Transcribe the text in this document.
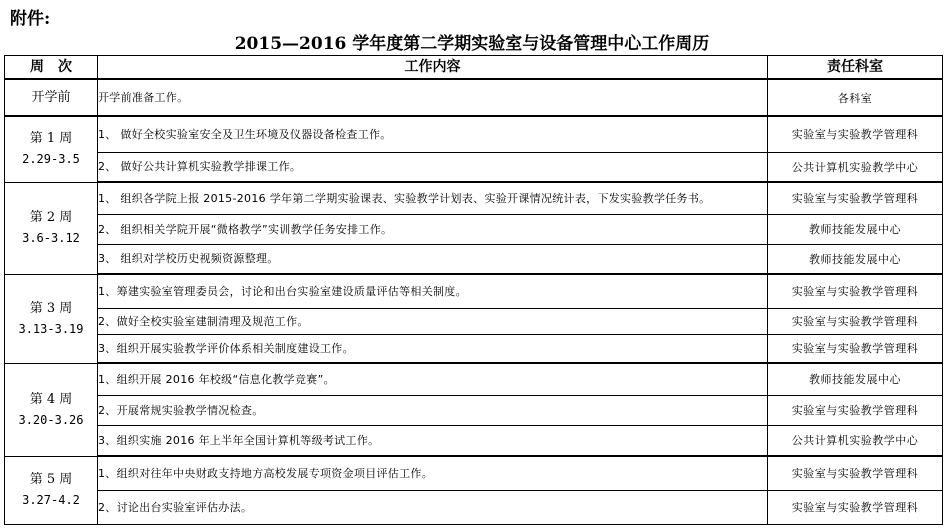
附件:
2015—2016 学年度第二学期实验室与设备管理中心工作周历
周　次	工作内容	责任科室

开学前	开学前准备工作。	各科室

第 1 周
2.29-3.5	1、 做好全校实验室安全及卫生环境及仪器设备检查工作。	实验室与实验教学管理科
	2、 做好公共计算机实验教学排课工作。	公共计算机实验教学中心

第 2 周
3.6-3.12	1、 组织各学院上报 2015-2016 学年第二学期实验课表、实验教学计划表、实验开课情况统计表，下发实验教学任务书。	实验室与实验教学管理科
	2、 组织相关学院开展“微格教学”实训教学任务安排工作。	教师技能发展中心
	3、 组织对学校历史视频资源整理。	教师技能发展中心

第 3 周
3.13-3.19	1、筹建实验室管理委员会，讨论和出台实验室建设质量评估等相关制度。	实验室与实验教学管理科
	2、做好全校实验室建制清理及规范工作。	实验室与实验教学管理科
	3、组织开展实验教学评价体系相关制度建设工作。	实验室与实验教学管理科

第 4 周
3.20-3.26	1、组织开展 2016 年校级“信息化教学竞赛”。	教师技能发展中心
	2、开展常规实验教学情况检查。	实验室与实验教学管理科
	3、组织实施 2016 年上半年全国计算机等级考试工作。	公共计算机实验教学中心

第 5 周
3.27-4.2	1、组织对往年中央财政支持地方高校发展专项资金项目评估工作。	实验室与实验教学管理科
	2、讨论出台实验室评估办法。	实验室与实验教学管理科
